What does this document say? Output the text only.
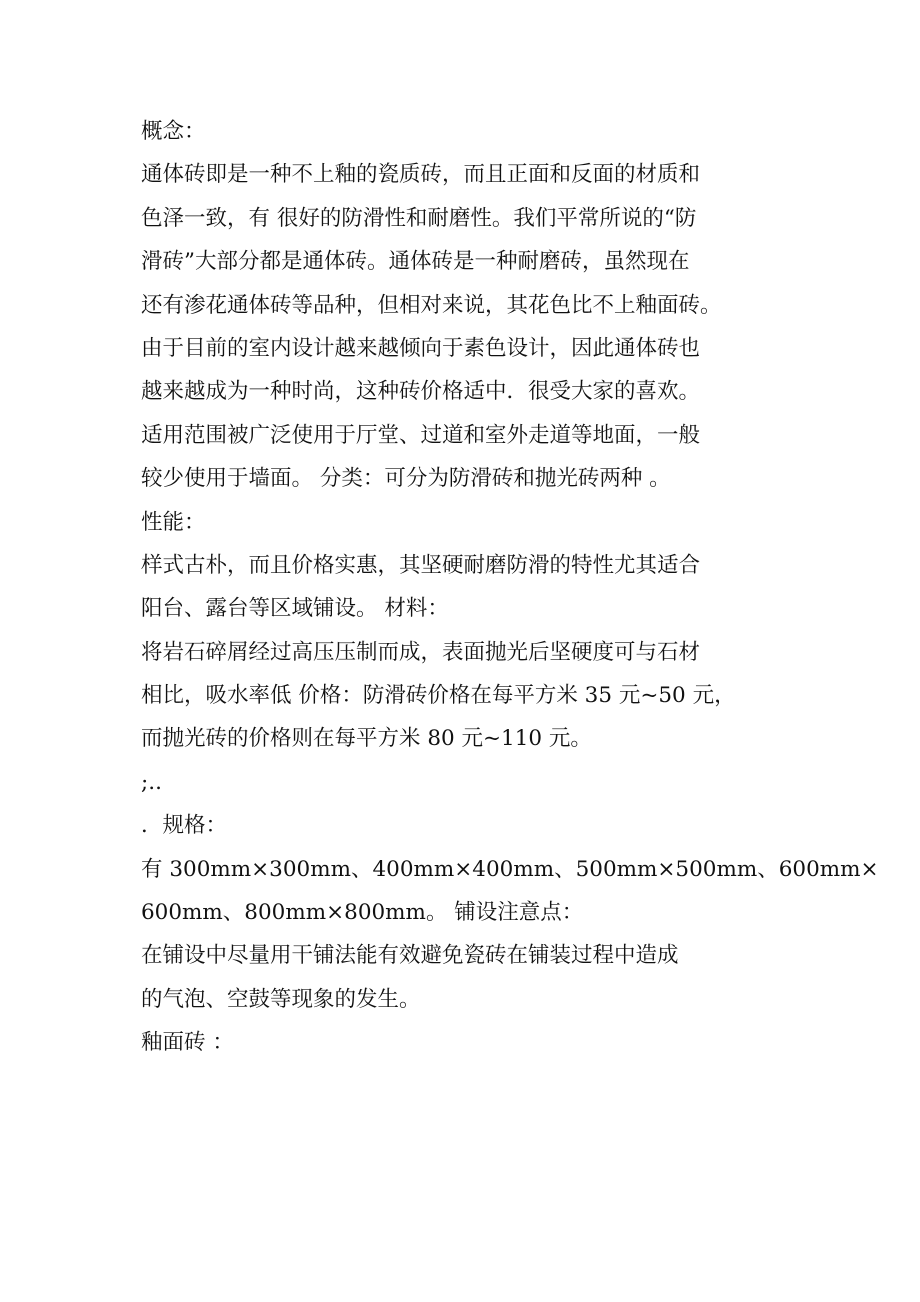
概念：
通体砖即是一种不上釉的瓷质砖，而且正面和反面的材质和
色泽一致，有 很好的防滑性和耐磨性。我们平常所说的“防
滑砖”大部分都是通体砖。通体砖是一种耐磨砖，虽然现在
还有渗花通体砖等品种，但相对来说，其花色比不上釉面砖。
由于目前的室内设计越来越倾向于素色设计，因此通体砖也
越来越成为一种时尚，这种砖价格适中．很受大家的喜欢。
适用范围被广泛使用于厅堂、过道和室外走道等地面，一般
较少使用于墙面。 分类：可分为防滑砖和抛光砖两种 。
性能：
样式古朴，而且价格实惠，其坚硬耐磨防滑的特性尤其适合
阳台、露台等区域铺设。 材料：
将岩石碎屑经过高压压制而成，表面抛光后坚硬度可与石材
相比，吸水率低 价格：防滑砖价格在每平方米 35 元~50 元，
而抛光砖的价格则在每平方米 80 元~110 元。
;..
．规格：
有 300mm×300mm、400mm×400mm、500mm×500mm、600mm×
600mm、800mm×800mm。 铺设注意点：
在铺设中尽量用干铺法能有效避免瓷砖在铺装过程中造成
的气泡、空鼓等现象的发生。
釉面砖 ：
